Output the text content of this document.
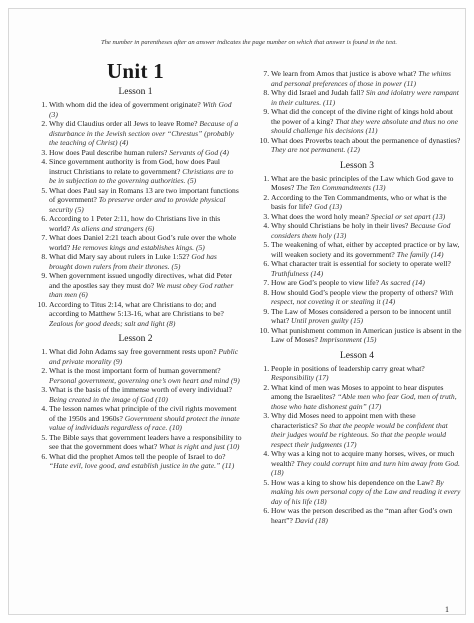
The number in parentheses after an answer indicates the page number on which that answer is found in the text.
Unit 1
Lesson 1
1. With whom did the idea of government originate? With God (3)
2. Why did Claudius order all Jews to leave Rome? Because of a disturbance in the Jewish section over “Chrestus” (probably the teaching of Christ) (4)
3. How does Paul describe human rulers? Servants of God (4)
4. Since government authority is from God, how does Paul instruct Christians to relate to government? Christians are to be in subjection to the governing authorities. (5)
5. What does Paul say in Romans 13 are two important functions of government? To preserve order and to provide physical security (5)
6. According to 1 Peter 2:11, how do Christians live in this world? As aliens and strangers (6)
7. What does Daniel 2:21 teach about God’s rule over the whole world? He removes kings and establishes kings. (5)
8. What did Mary say about rulers in Luke 1:52? God has brought down rulers from their thrones. (5)
9. When government issued ungodly directives, what did Peter and the apostles say they must do? We must obey God rather than men (6)
10. According to Titus 2:14, what are Christians to do; and according to Matthew 5:13-16, what are Christians to be? Zealous for good deeds; salt and light (8)
Lesson 2
1. What did John Adams say free government rests upon? Public and private morality (9)
2. What is the most important form of human government? Personal government, governing one’s own heart and mind (9)
3. What is the basis of the immense worth of every individual? Being created in the image of God (10)
4. The lesson names what principle of the civil rights movement of the 1950s and 1960s? Government should protect the innate value of individuals regardless of race. (10)
5. The Bible says that government leaders have a responsibility to see that the government does what? What is right and just (10)
6. What did the prophet Amos tell the people of Israel to do? “Hate evil, love good, and establish justice in the gate.” (11)
7. We learn from Amos that justice is above what? The whims and personal preferences of those in power (11)
8. Why did Israel and Judah fall? Sin and idolatry were rampant in their cultures. (11)
9. What did the concept of the divine right of kings hold about the power of a king? That they were absolute and thus no one should challenge his decisions (11)
10. What does Proverbs teach about the permanence of dynasties? They are not permanent. (12)
Lesson 3
1. What are the basic principles of the Law which God gave to Moses? The Ten Commandments (13)
2. According to the Ten Commandments, who or what is the basis for life? God (13)
3. What does the word holy mean? Special or set apart (13)
4. Why should Christians be holy in their lives? Because God considers them holy (13)
5. The weakening of what, either by accepted practice or by law, will weaken society and its government? The family (14)
6. What character trait is essential for society to operate well? Truthfulness (14)
7. How are God’s people to view life? As sacred (14)
8. How should God’s people view the property of others? With respect, not coveting it or stealing it (14)
9. The Law of Moses considered a person to be innocent until what? Until proven guilty (15)
10. What punishment common in American justice is absent in the Law of Moses? Imprisonment (15)
Lesson 4
1. People in positions of leadership carry great what? Responsibility (17)
2. What kind of men was Moses to appoint to hear disputes among the Israelites? “Able men who fear God, men of truth, those who hate dishonest gain” (17)
3. Why did Moses need to appoint men with these characteristics? So that the people would be confident that their judges would be righteous. So that the people would respect their judgments (17)
4. Why was a king not to acquire many horses, wives, or much wealth? They could corrupt him and turn him away from God. (18)
5. How was a king to show his dependence on the Law? By making his own personal copy of the Law and reading it every day of his life (18)
6. How was the person described as the “man after God’s own heart”? David (18)
1
